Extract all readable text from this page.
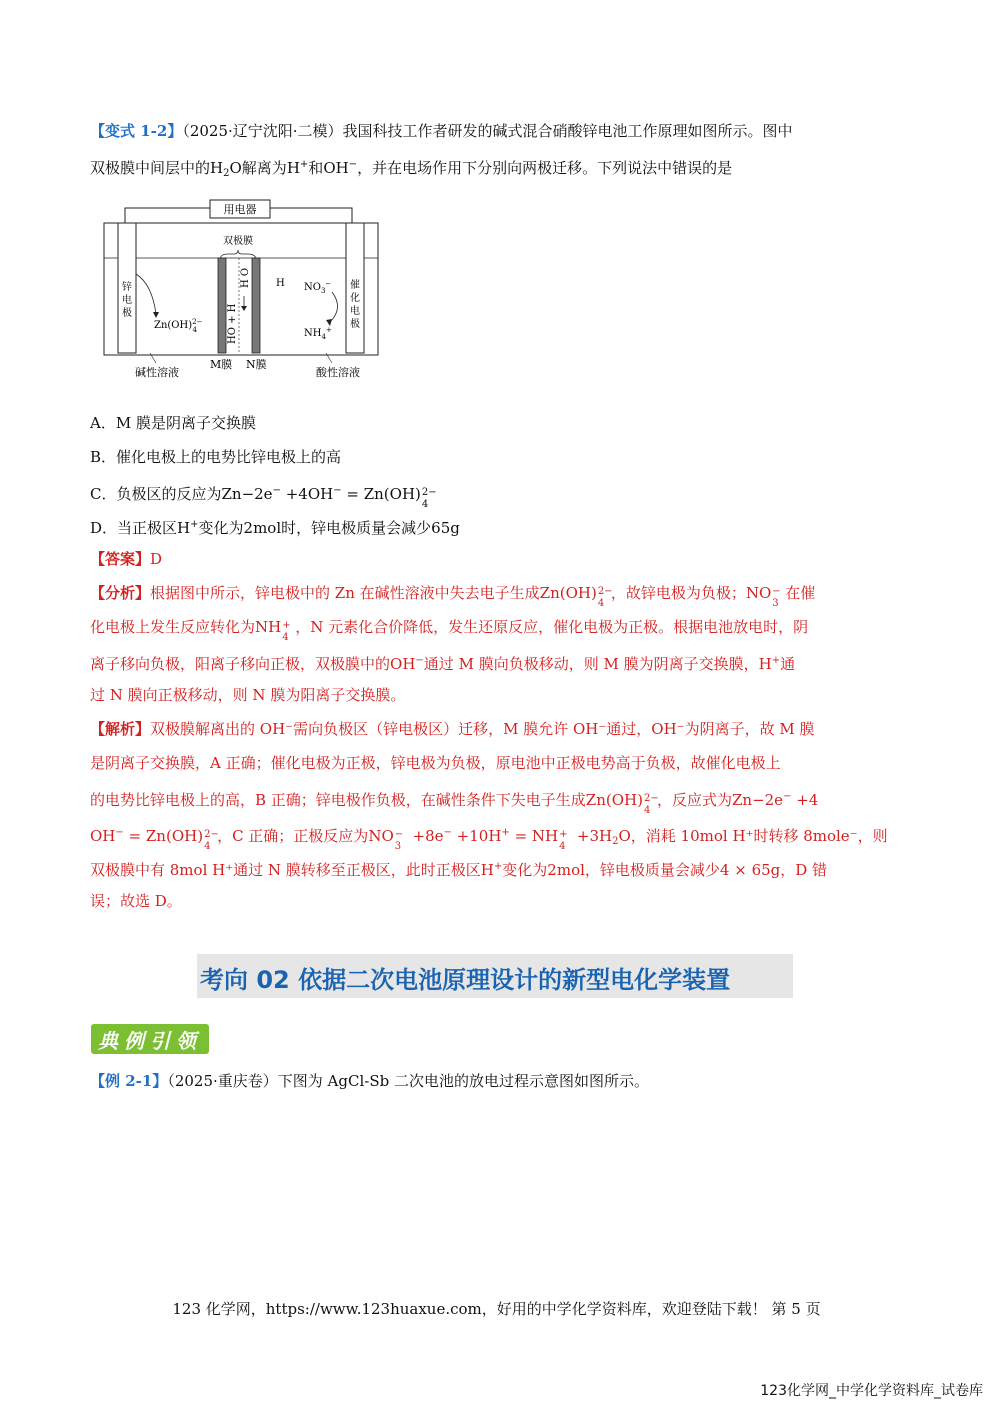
【变式 1-2】（2025·辽宁沈阳·二模）我国科技工作者研发的碱式混合硝酸锌电池工作原理如图所示。图中
双极膜中间层中的$H_2O$解离为H+和OH−，并在电场作用下分别向两极迁移。下列说法中错误的是
用电器
锌
电
极
催
化
电
极
双极膜
HO + H
H O	H
Zn(OH)$^{2-}$ 4
$NO_3^-$
$NH_4^+$
碱性溶液
M膜 N膜
酸性溶液
A．M 膜是阴离子交换膜
B．催化电极上的电势比锌电极上的高
C．负极区的反应为Zn−2e− +4OH− = Zn(OH) 2−
4
D．当正极区H+变化为2mol时，锌电极质量会减少65g
【答案】D
【分析】根据图中所示，锌电极中的 Zn 在碱性溶液中失去电子生成Zn(OH) 2−
4
，故锌电极为负极；NO −
3
在催
化电极上发生反应转化为NH +
4
，N 元素化合价降低，发生还原反应，催化电极为正极。根据电池放电时，阴
离子移向负极，阳离子移向正极，双极膜中的OH−通过 M 膜向负极移动，则 M 膜为阴离子交换膜，H+通
过 N 膜向正极移动，则 N 膜为阳离子交换膜。
【解析】双极膜解离出的 OH⁻需向负极区（锌电极区）迁移，M 膜允许 OH⁻通过，OH⁻为阴离子，故 M 膜
是阴离子交换膜，A 正确；催化电极为正极，锌电极为负极，原电池中正极电势高于负极，故催化电极上
的电势比锌电极上的高，B 正确；锌电极作负极，在碱性条件下失电子生成Zn(OH) 2−
4
，反应式为Zn−2e− +4
OH− = Zn(OH) 2−
4
，C 正确；正极反应为NO −
3
+8e− +10H+ = NH +
4
$+3H_2O$，消耗 10mol H⁺时转移 8mole⁻，则
双极膜中有 8mol H⁺通过 N 膜转移至正极区，此时正极区H+变化为2mol，锌电极质量会减少4 × 65g，D 错
误；故选 D。
考向 02 依据二次电池原理设计的新型电化学装置
典例引领
【例 2-1】（2025·重庆卷）下图为 AgCl-Sb 二次电池的放电过程示意图如图所示。
123 化学网，https://www.123huaxue.com，好用的中学化学资料库，欢迎登陆下载！ 第 5 页
123化学网_中学化学资料库_试卷库
